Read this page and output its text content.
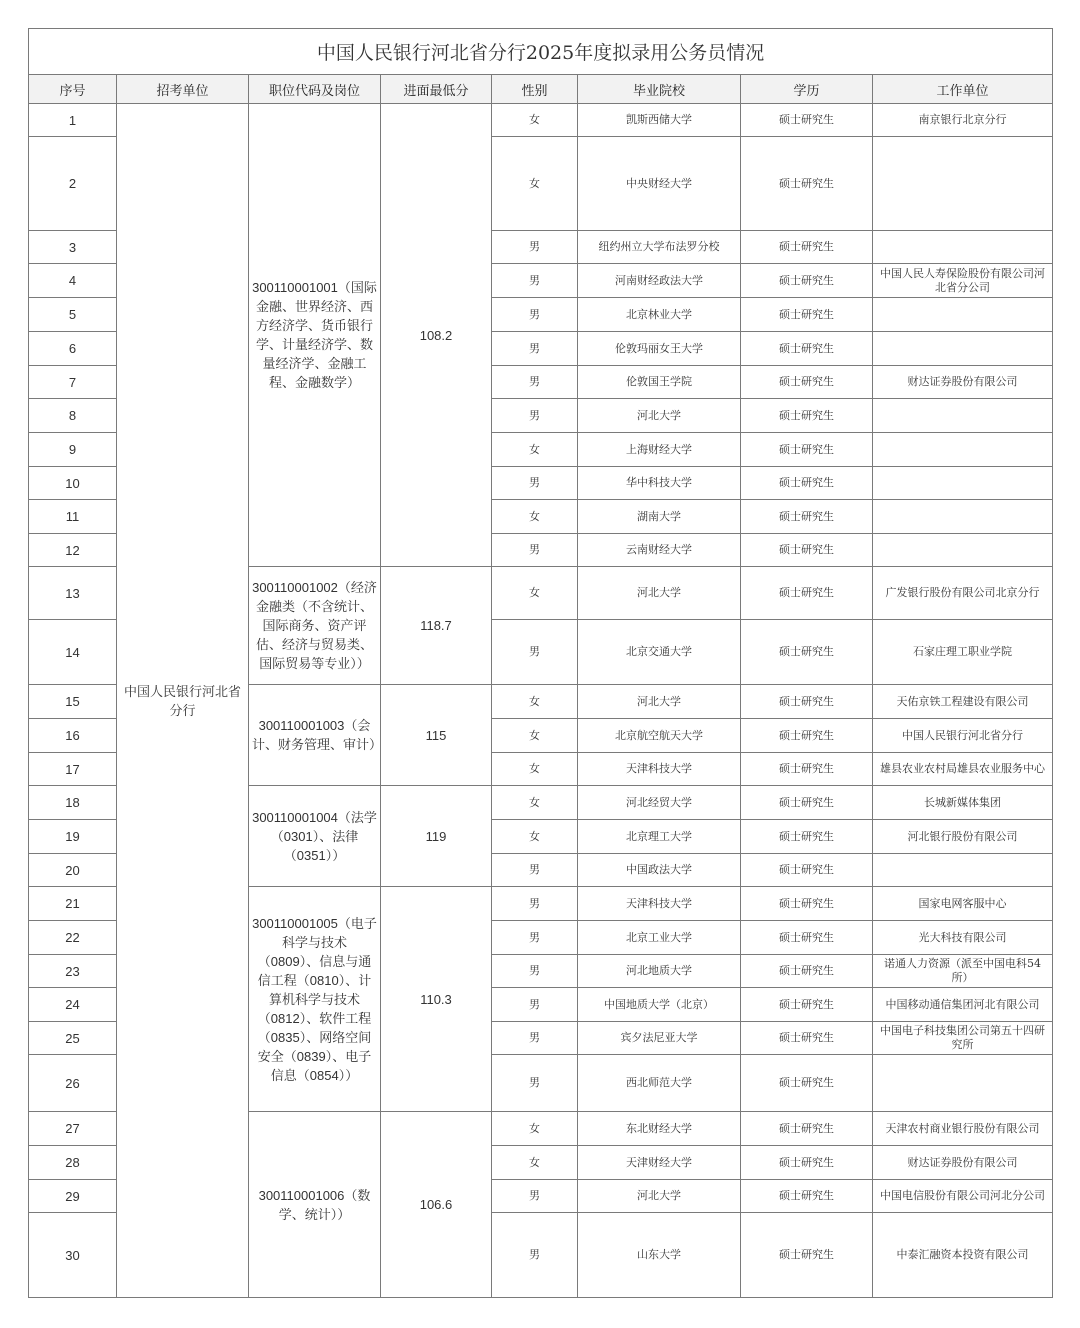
中国人民银行河北省分行2025年度拟录用公务员情况							
序号	招考单位	职位代码及岗位	进面最低分	性别	毕业院校	学历	工作单位
1	中国人民银行河北省分行	300110001001（国际金融、世界经济、西方经济学、货币银行学、计量经济学、数量经济学、金融工程、金融数学）	108.2	女	凯斯西储大学	硕士研究生	南京银行北京分行
2				女	中央财经大学	硕士研究生	
3				男	纽约州立大学布法罗分校	硕士研究生	
4				男	河南财经政法大学	硕士研究生	中国人民人寿保险股份有限公司河北省分公司
5				男	北京林业大学	硕士研究生	
6				男	伦敦玛丽女王大学	硕士研究生	
7				男	伦敦国王学院	硕士研究生	财达证券股份有限公司
8				男	河北大学	硕士研究生	
9				女	上海财经大学	硕士研究生	
10				男	华中科技大学	硕士研究生	
11				女	湖南大学	硕士研究生	
12				男	云南财经大学	硕士研究生	
13		300110001002（经济金融类（不含统计、国际商务、资产评估、经济与贸易类、国际贸易等专业））	118.7	女	河北大学	硕士研究生	广发银行股份有限公司北京分行
14				男	北京交通大学	硕士研究生	石家庄理工职业学院
15		300110001003（会计、财务管理、审计）	115	女	河北大学	硕士研究生	天佑京铁工程建设有限公司
16				女	北京航空航天大学	硕士研究生	中国人民银行河北省分行
17				女	天津科技大学	硕士研究生	雄县农业农村局雄县农业服务中心
18		300110001004（法学（0301）、法律（0351））	119	女	河北经贸大学	硕士研究生	长城新媒体集团
19				女	北京理工大学	硕士研究生	河北银行股份有限公司
20				男	中国政法大学	硕士研究生	
21		300110001005（电子科学与技术（0809）、信息与通信工程（0810）、计算机科学与技术（0812）、软件工程（0835）、网络空间安全（0839）、电子信息（0854））	110.3	男	天津科技大学	硕士研究生	国家电网客服中心
22				男	北京工业大学	硕士研究生	光大科技有限公司
23				男	河北地质大学	硕士研究生	诺通人力资源（派至中国电科54所）
24				男	中国地质大学（北京）	硕士研究生	中国移动通信集团河北有限公司
25				男	宾夕法尼亚大学	硕士研究生	中国电子科技集团公司第五十四研究所
26				男	西北师范大学	硕士研究生	
27		300110001006（数学、统计））	106.6	女	东北财经大学	硕士研究生	天津农村商业银行股份有限公司
28				女	天津财经大学	硕士研究生	财达证券股份有限公司
29				男	河北大学	硕士研究生	中国电信股份有限公司河北分公司
30				男	山东大学	硕士研究生	中泰汇融资本投资有限公司
